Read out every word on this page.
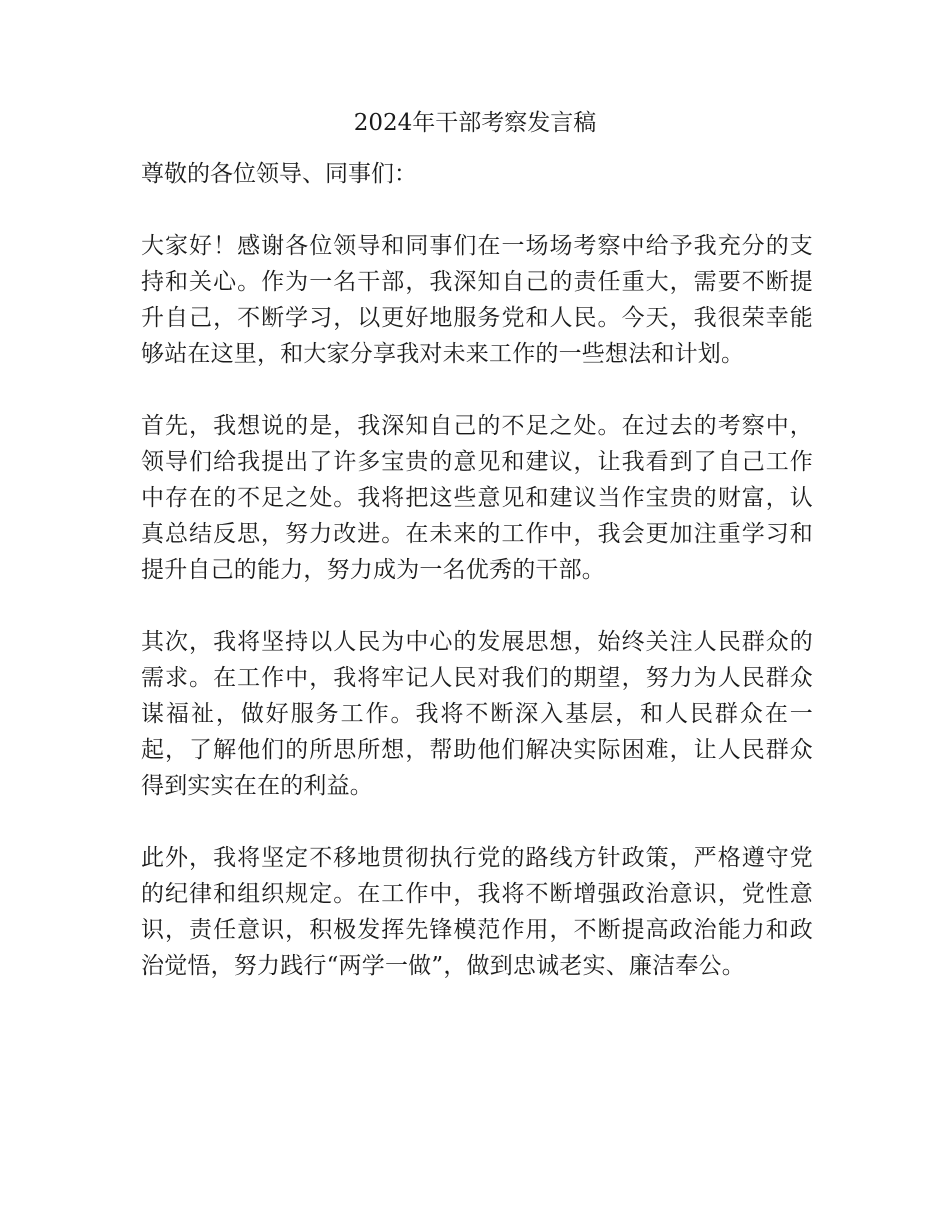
2024年干部考察发言稿

尊敬的各位领导、同事们：

大家好！感谢各位领导和同事们在一场场考察中给予我充分的支持和关心。作为一名干部，我深知自己的责任重大，需要不断提升自己，不断学习，以更好地服务党和人民。今天，我很荣幸能够站在这里，和大家分享我对未来工作的一些想法和计划。

首先，我想说的是，我深知自己的不足之处。在过去的考察中，领导们给我提出了许多宝贵的意见和建议，让我看到了自己工作中存在的不足之处。我将把这些意见和建议当作宝贵的财富，认真总结反思，努力改进。在未来的工作中，我会更加注重学习和提升自己的能力，努力成为一名优秀的干部。

其次，我将坚持以人民为中心的发展思想，始终关注人民群众的需求。在工作中，我将牢记人民对我们的期望，努力为人民群众谋福祉，做好服务工作。我将不断深入基层，和人民群众在一起，了解他们的所思所想，帮助他们解决实际困难，让人民群众得到实实在在的利益。

此外，我将坚定不移地贯彻执行党的路线方针政策，严格遵守党的纪律和组织规定。在工作中，我将不断增强政治意识，党性意识，责任意识，积极发挥先锋模范作用，不断提高政治能力和政治觉悟，努力践行“两学一做”，做到忠诚老实、廉洁奉公。
